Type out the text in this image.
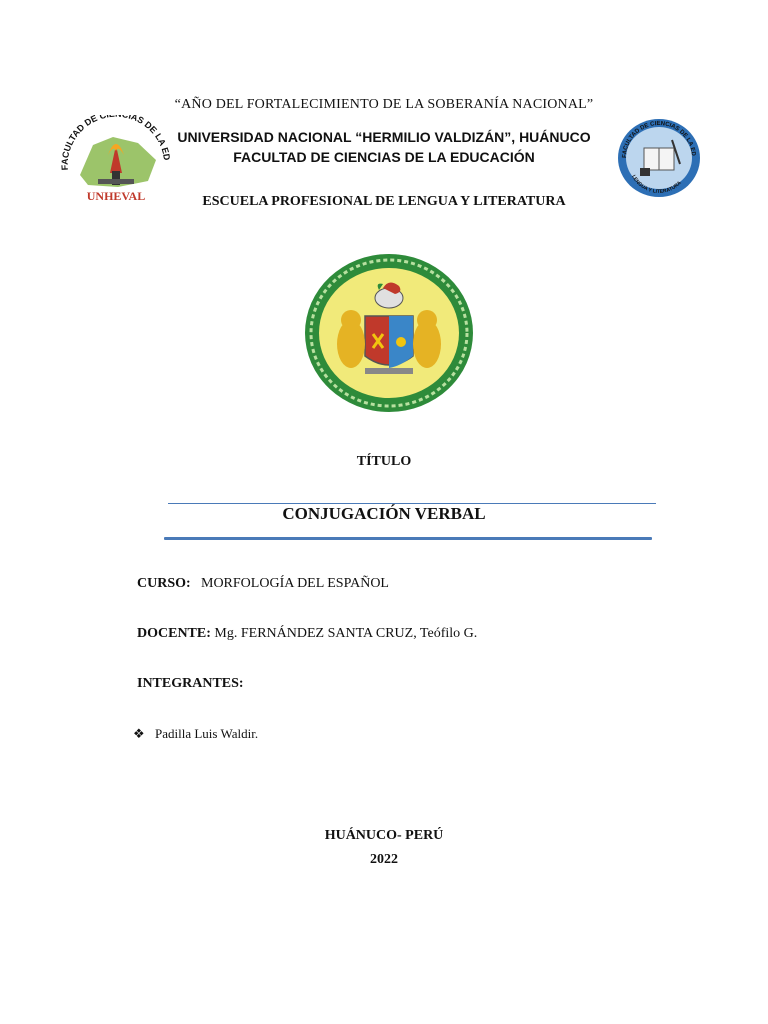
“AÑO DEL FORTALECIMIENTO DE LA SOBERANÍA NACIONAL”
FACULTAD DE C IAS DE LA ED
UNHEVAL
UNIVERSIDAD NACIONAL “HERMILIO VALDIZÁN”, HUÁNUCO
FACULTAD DE CIENCIAS DE LA EDUCACIÓN	FACULTAD DE CIENCIAS DE LA ED
LENGUA Y LITERATURA
ESCUELA PROFESIONAL DE LENGUA Y LITERATURA
TÍTULO
CONJUGACIÓN VERBAL
CURSO: MORFOLOGÍA DEL ESPAÑOL
DOCENTE: Mg. FERNÁNDEZ SANTA CRUZ, Teófilo G.
INTEGRANTES:
❖ Padilla Luis Waldir.
HUÁNUCO- PERÚ
2022
